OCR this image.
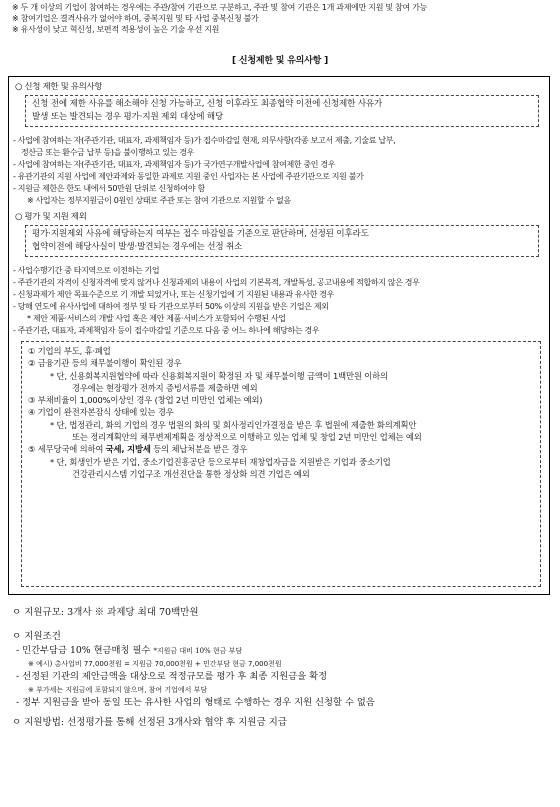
※ 두 개 이상의 기업이 참여하는 경우에는 주관/참여 기관으로 구분하고, 주관 및 참여 기관은 1개 과제에만 지원 및 참여 가능
※ 참여기업은 결격사유가 없어야 하며, 중복지원 및 타 사업 중복신청 불가
※ 유사성이 낮고 혁신성, 보편적 적용성이 높은 기술 우선 지원
[ 신청제한 및 유의사항 ]
○ 신청 제한 및 유의사항
신청 전에 제한 사유를 해소해야 신청 가능하고, 신청 이후라도 최종협약 이전에 신청제한 사유가
발생 또는 발견되는 경우 평가·지원 제외 대상에 해당
- 사업에 참여하는 자(주관기관, 대표자, 과제책임자 등)가 접수마감일 현재, 의무사항(각종 보고서 제출, 기술료 납부,
정산금 또는 환수금 납부 등)을 불이행하고 있는 경우
- 사업에 참여하는 자(주관기관, 대표자, 과제책임자 등)가 국가연구개발사업에 참여제한 중인 경우
- 유관기관의 지원 사업에 제안과제와 동일한 과제로 지원 중인 사업자는 본 사업에 주관기관으로 지원 불가
- 지원금 제한은 한도 내에서 50만원 단위로 신청하여야 함
※ 사업자는 정부지원금이 0원인 상태로 주관 또는 참여 기관으로 지원할 수 없음
○ 평가 및 지원 제외
평가·지원제외 사유에 해당하는지 여부는 접수 마감일을 기준으로 판단하며, 선정된 이후라도
협약이전에 해당사실이 발생·발견되는 경우에는 선정 취소
- 사업수행기간 중 타지역으로 이전하는 기업
- 주관기관의 자격이 신청자격에 맞지 않거나 신청과제의 내용이 사업의 기본목적, 개발특성, 공고내용에 적합하지 않은 경우
- 신청과제가 제안 목표수준으로 기 개발 되었거나, 또는 신청기업에 기 지원된 내용과 유사한 경우
- 당해 연도에 유사사업에 대하여 정부 및 타 기관으로부터 50% 이상의 지원을 받은 기업은 제외
* 제안 제품·서비스의 개발 사업 혹은 제안 제품·서비스가 포함되어 수행된 사업
- 주관기관, 대표자, 과제책임자 등이 접수마감일 기준으로 다음 중 어느 하나에 해당하는 경우
① 기업의 부도, 휴·폐업
② 금융기관 등의 채무불이행이 확인된 경우
* 단, 신용회복지원협약에 따라 신용회복지원이 확정된 자 및 채무불이행 금액이 1백만원 이하의
경우에는 현장평가 전까지 증빙서류를 제출하면 예외
③ 부채비율이 1,000%이상인 경우 (창업 2년 미만인 업체는 예외)
④ 기업이 완전자본잠식 상태에 있는 경우
* 단, 법정관리, 화의 기업의 경우 법원의 화의 및 회사정리인가결정을 받은 후 법원에 제출한 화의계획안
또는 정리계획안의 채무변제계획을 정상적으로 이행하고 있는 업체 및 창업 2년 미만인 업체는 예외
⑤ 세무당국에 의하여 국세, 지방세 등의 체납처분을 받은 경우
* 단, 회생인가 받은 기업, 중소기업진흥공단 등으로부터 재창업자금을 지원받은 기업과 중소기업
건강관리시스템 기업구조 개선진단을 통한 정상화 의견 기업은 예외
ㅇ 지원규모: 3개사 ※ 과제당 최대 70백만원
ㅇ 지원조건
- 민간부담금 10% 현금매칭 필수 *지원금 대비 10% 현금 부담
※ 예시) 총사업비 77,000천원 = 지원금 70,000천원 + 민간부담 현금 7,000천원
- 선정된 기관의 제안금액을 대상으로 적정규모를 평가 후 최종 지원금을 확정
※ 부가세는 지원금에 포함되지 않으며, 참여 기업에서 부담
- 정부 지원금을 받아 동일 또는 유사한 사업의 형태로 수행하는 경우 지원 신청할 수 없음
ㅇ 지원방법: 선정평가를 통해 선정된 3개사와 협약 후 지원금 지급
